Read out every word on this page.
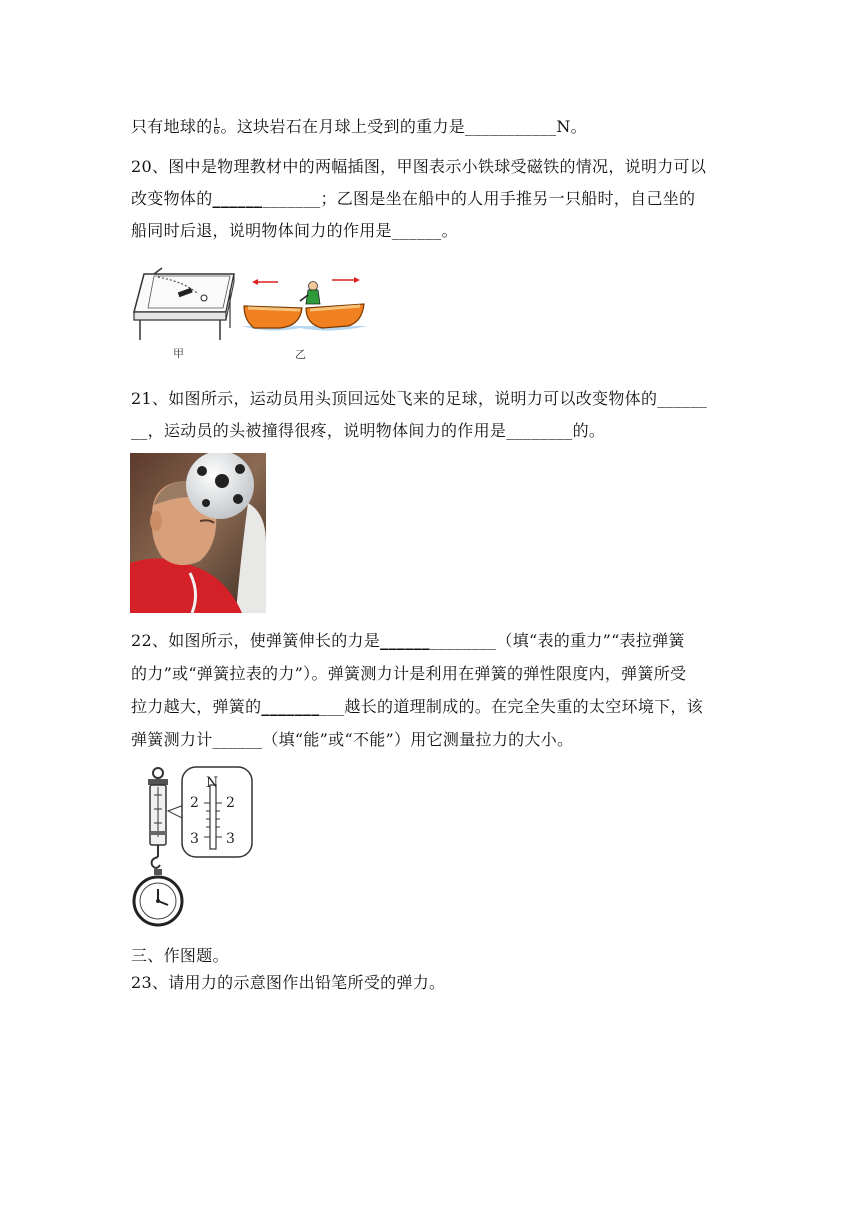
只有地球的 $\frac{1}{6}$ 。这块岩石在月球上受到的重力是___________N。
20、图中是物理教材中的两幅插图，甲图表示小铁球受磁铁的情况，说明力可以
改变物体的_____________；乙图是坐在船中的人用手推另一只船时，自己坐的
船同时后退，说明物体间力的作用是______。
甲	乙
21、如图所示，运动员用头顶回远处飞来的足球，说明力可以改变物体的______
__，运动员的头被撞得很疼，说明物体间力的作用是________的。
22、如图所示，使弹簧伸长的力是______________（填“表的重力”“表拉弹簧
的力”或“弹簧拉表的力”）。弹簧测力计是利用在弹簧的弹性限度内，弹簧所受
拉力越大，弹簧的__________越长的道理制成的。在完全失重的太空环境下，该
弹簧测力计______（填“能”或“不能”）用它测量拉力的大小。
N
2 2
3 3
三、作图题。
23、请用力的示意图作出铅笔所受的弹力。
